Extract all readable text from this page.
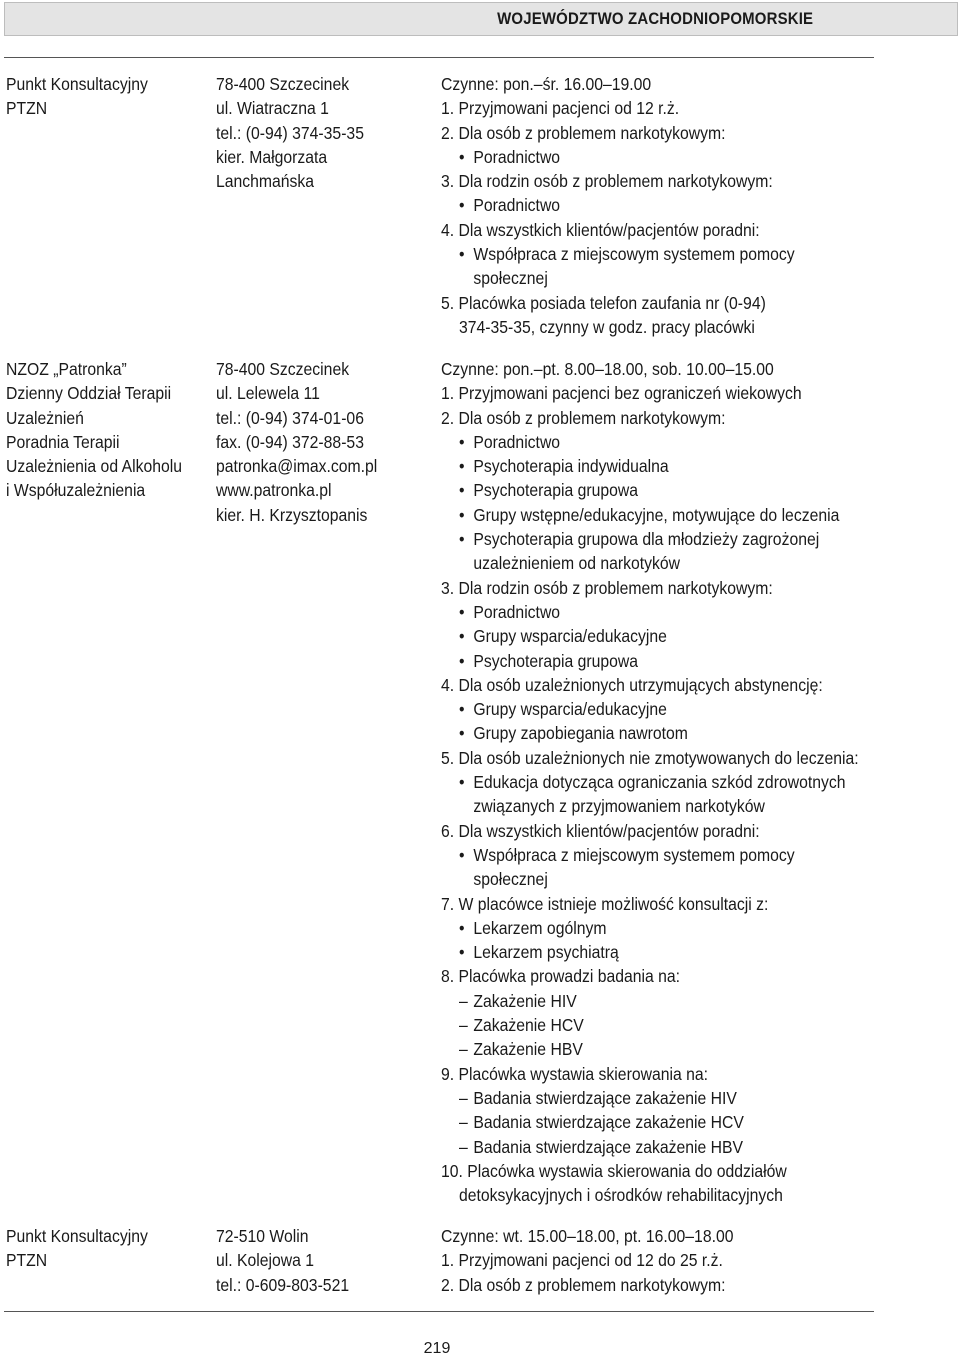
WOJEWÓDZTWO ZACHODNIOPOMORSKIE
Punkt Konsultacyjny
PTZN
78-400 Szczecinek
ul. Wiatraczna 1
tel.: (0-94) 374-35-35
kier. Małgorzata
Lanchmańska
Czynne: pon.–śr. 16.00–19.00
1. Przyjmowani pacjenci od 12 r.ż.
2. Dla osób z problemem narkotykowym:
• Poradnictwo
3. Dla rodzin osób z problemem narkotykowym:
• Poradnictwo
4. Dla wszystkich klientów/pacjentów poradni:
• Współpraca z miejscowym systemem pomocy
społecznej
5. Placówka posiada telefon zaufania nr (0-94)
374-35-35, czynny w godz. pracy placówki
NZOZ „Patronka”
Dzienny Oddział Terapii
Uzależnień
Poradnia Terapii
Uzależnienia od Alkoholu
i Współuzależnienia
78-400 Szczecinek
ul. Lelewela 11
tel.: (0-94) 374-01-06
fax. (0-94) 372-88-53
patronka@imax.com.pl
www.patronka.pl
kier. H. Krzysztopanis
Czynne: pon.–pt. 8.00–18.00, sob. 10.00–15.00
1. Przyjmowani pacjenci bez ograniczeń wiekowych
2. Dla osób z problemem narkotykowym:
• Poradnictwo
• Psychoterapia indywidualna
• Psychoterapia grupowa
• Grupy wstępne/edukacyjne, motywujące do leczenia
• Psychoterapia grupowa dla młodzieży zagrożonej
uzależnieniem od narkotyków
3. Dla rodzin osób z problemem narkotykowym:
• Poradnictwo
• Grupy wsparcia/edukacyjne
• Psychoterapia grupowa
4. Dla osób uzależnionych utrzymujących abstynencję:
• Grupy wsparcia/edukacyjne
• Grupy zapobiegania nawrotom
5. Dla osób uzależnionych nie zmotywowanych do leczenia:
• Edukacja dotycząca ograniczania szkód zdrowotnych
związanych z przyjmowaniem narkotyków
6. Dla wszystkich klientów/pacjentów poradni:
• Współpraca z miejscowym systemem pomocy
społecznej
7. W placówce istnieje możliwość konsultacji z:
• Lekarzem ogólnym
• Lekarzem psychiatrą
8. Placówka prowadzi badania na:
– Zakażenie HIV
– Zakażenie HCV
– Zakażenie HBV
9. Placówka wystawia skierowania na:
– Badania stwierdzające zakażenie HIV
– Badania stwierdzające zakażenie HCV
– Badania stwierdzające zakażenie HBV
10. Placówka wystawia skierowania do oddziałów
detoksykacyjnych i ośrodków rehabilitacyjnych
Punkt Konsultacyjny
PTZN
72-510 Wolin
ul. Kolejowa 1
tel.: 0-609-803-521
Czynne: wt. 15.00–18.00, pt. 16.00–18.00
1. Przyjmowani pacjenci od 12 do 25 r.ż.
2. Dla osób z problemem narkotykowym:
219
